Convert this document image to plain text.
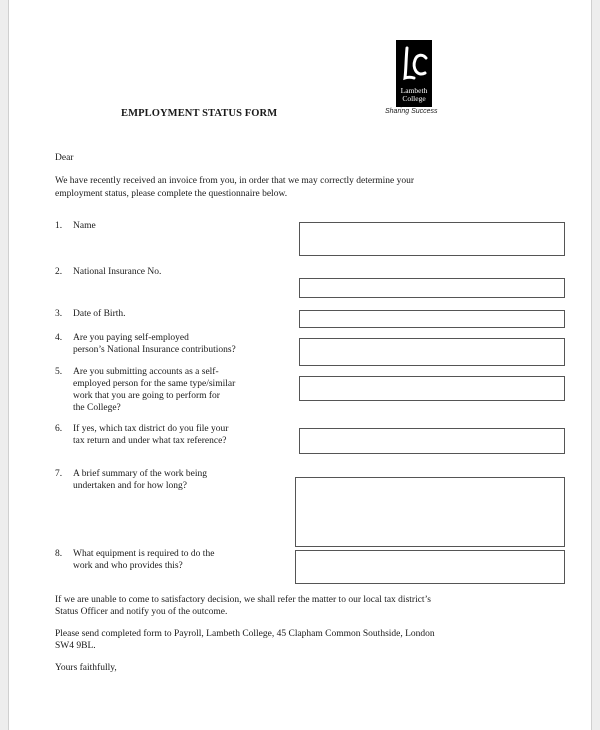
EMPLOYMENT STATUS FORM
Lambeth
College
Sharing Success
Dear
We have recently received an invoice from you, in order that we may correctly determine your
employment status, please complete the questionnaire below.
1. Name
2. National Insurance No.
3. Date of Birth.
4. Are you paying self-employed
person’s National Insurance contributions?
5. Are you submitting accounts as a self-
employed person for the same type/similar
work that you are going to perform for
the College?
6. If yes, which tax district do you file your
tax return and under what tax reference?
7. A brief summary of the work being
undertaken and for how long?
8. What equipment is required to do the
work and who provides this?
If we are unable to come to satisfactory decision, we shall refer the matter to our local tax district’s
Status Officer and notify you of the outcome.
Please send completed form to Payroll, Lambeth College, 45 Clapham Common Southside, London
SW4 9BL.
Yours faithfully,
